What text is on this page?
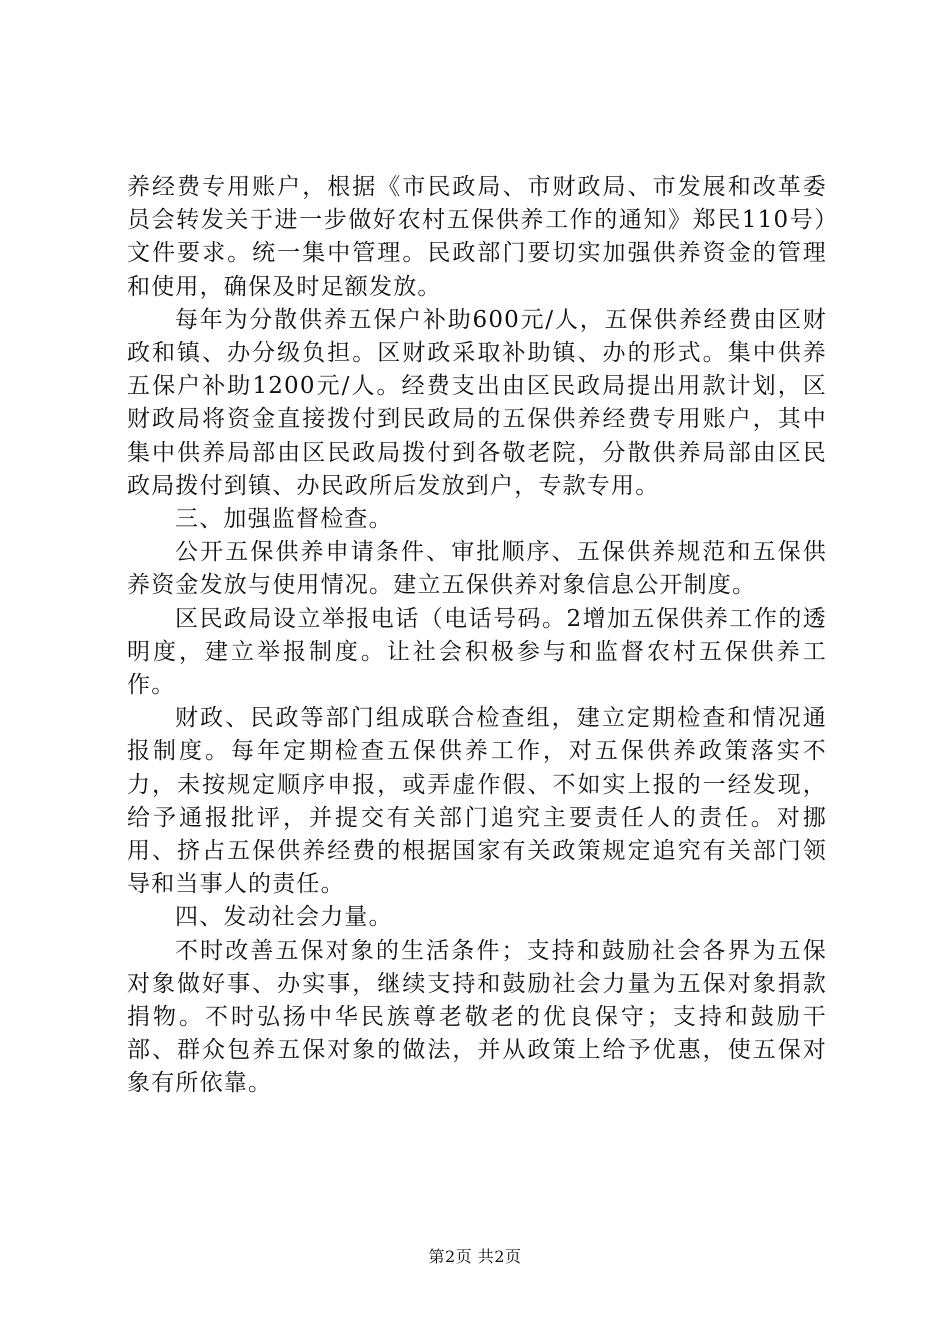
养经费专用账户，根据《市民政局、市财政局、市发展和改革委员会转发关于进一步做好农村五保供养工作的通知》郑民110号）文件要求。统一集中管理。民政部门要切实加强供养资金的管理和使用，确保及时足额发放。

每年为分散供养五保户补助600元/人，五保供养经费由区财政和镇、办分级负担。区财政采取补助镇、办的形式。集中供养五保户补助1200元/人。经费支出由区民政局提出用款计划，区财政局将资金直接拨付到民政局的五保供养经费专用账户，其中集中供养局部由区民政局拨付到各敬老院，分散供养局部由区民政局拨付到镇、办民政所后发放到户，专款专用。

三、加强监督检查。

公开五保供养申请条件、审批顺序、五保供养规范和五保供养资金发放与使用情况。建立五保供养对象信息公开制度。

区民政局设立举报电话（电话号码。2增加五保供养工作的透明度，建立举报制度。让社会积极参与和监督农村五保供养工作。

财政、民政等部门组成联合检查组，建立定期检查和情况通报制度。每年定期检查五保供养工作，对五保供养政策落实不力，未按规定顺序申报，或弄虚作假、不如实上报的一经发现，给予通报批评，并提交有关部门追究主要责任人的责任。对挪用、挤占五保供养经费的根据国家有关政策规定追究有关部门领导和当事人的责任。

四、发动社会力量。

不时改善五保对象的生活条件；支持和鼓励社会各界为五保对象做好事、办实事，继续支持和鼓励社会力量为五保对象捐款捐物。不时弘扬中华民族尊老敬老的优良保守；支持和鼓励干部、群众包养五保对象的做法，并从政策上给予优惠，使五保对象有所依靠。

第2页 共2页
